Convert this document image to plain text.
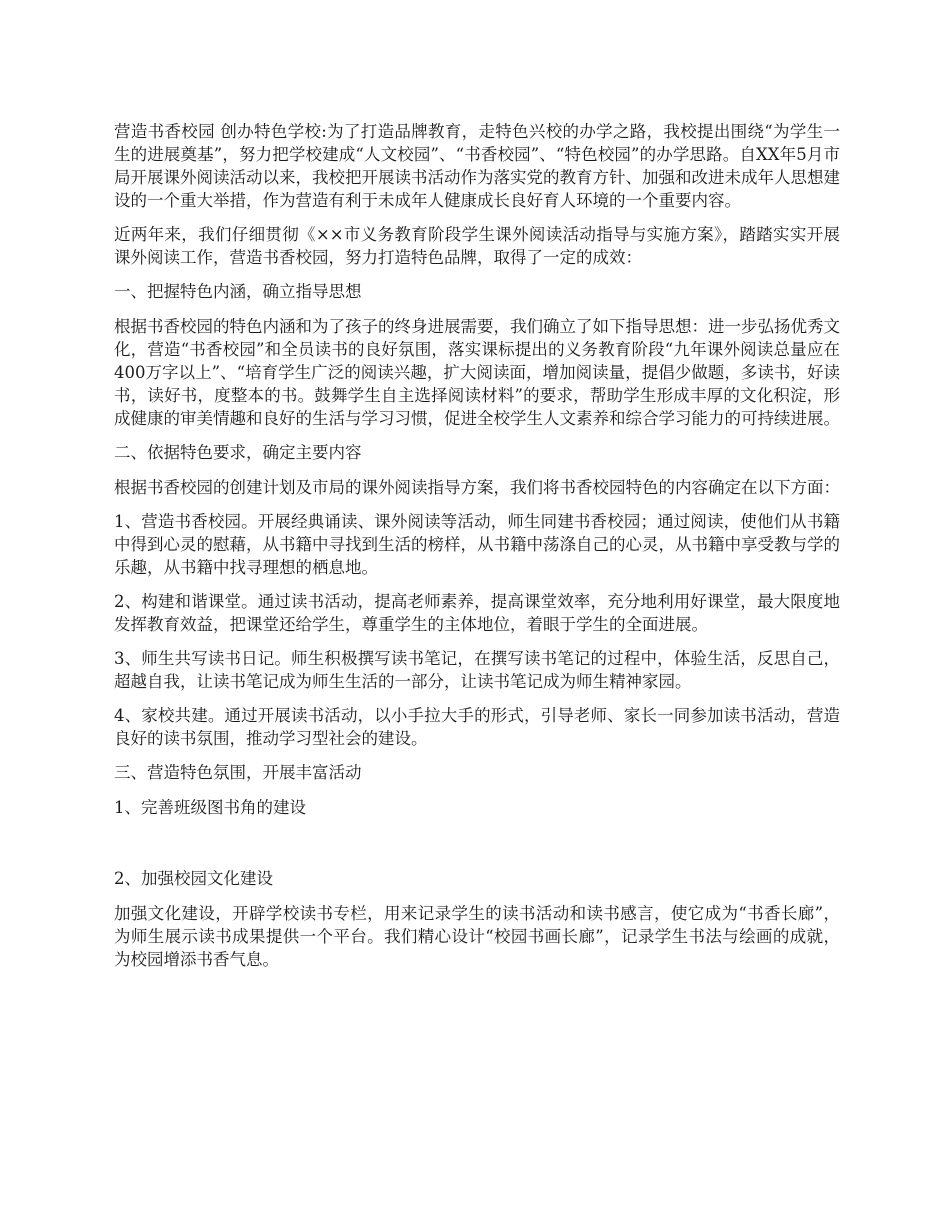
营造书香校园 创办特色学校:为了打造品牌教育，走特色兴校的办学之路，我校提出围绕“为学生一生的进展奠基”，努力把学校建成“人文校园”、“书香校园”、“特色校园”的办学思路。自XX年5月市局开展课外阅读活动以来，我校把开展读书活动作为落实党的教育方针、加强和改进未成年人思想建设的一个重大举措，作为营造有利于未成年人健康成长良好育人环境的一个重要内容。

近两年来，我们仔细贯彻《××市义务教育阶段学生课外阅读活动指导与实施方案》，踏踏实实开展课外阅读工作，营造书香校园，努力打造特色品牌，取得了一定的成效：

一、把握特色内涵，确立指导思想

根据书香校园的特色内涵和为了孩子的终身进展需要，我们确立了如下指导思想：进一步弘扬优秀文化，营造“书香校园”和全员读书的良好氛围，落实课标提出的义务教育阶段“九年课外阅读总量应在400万字以上”、“培育学生广泛的阅读兴趣，扩大阅读面，增加阅读量，提倡少做题，多读书，好读书，读好书，度整本的书。鼓舞学生自主选择阅读材料”的要求，帮助学生形成丰厚的文化积淀，形成健康的审美情趣和良好的生活与学习习惯，促进全校学生人文素养和综合学习能力的可持续进展。

二、依据特色要求，确定主要内容

根据书香校园的创建计划及市局的课外阅读指导方案，我们将书香校园特色的内容确定在以下方面：

1、营造书香校园。开展经典诵读、课外阅读等活动，师生同建书香校园；通过阅读，使他们从书籍中得到心灵的慰藉，从书籍中寻找到生活的榜样，从书籍中荡涤自己的心灵，从书籍中享受教与学的乐趣，从书籍中找寻理想的栖息地。

2、构建和谐课堂。通过读书活动，提高老师素养，提高课堂效率，充分地利用好课堂，最大限度地发挥教育效益，把课堂还给学生，尊重学生的主体地位，着眼于学生的全面进展。

3、师生共写读书日记。师生积极撰写读书笔记，在撰写读书笔记的过程中，体验生活，反思自己，超越自我，让读书笔记成为师生生活的一部分，让读书笔记成为师生精神家园。

4、家校共建。通过开展读书活动，以小手拉大手的形式，引导老师、家长一同参加读书活动，营造良好的读书氛围，推动学习型社会的建设。

三、营造特色氛围，开展丰富活动

1、完善班级图书角的建设

2、加强校园文化建设

加强文化建设，开辟学校读书专栏，用来记录学生的读书活动和读书感言，使它成为“书香长廊”，为师生展示读书成果提供一个平台。我们精心设计“校园书画长廊”，记录学生书法与绘画的成就，为校园增添书香气息。
